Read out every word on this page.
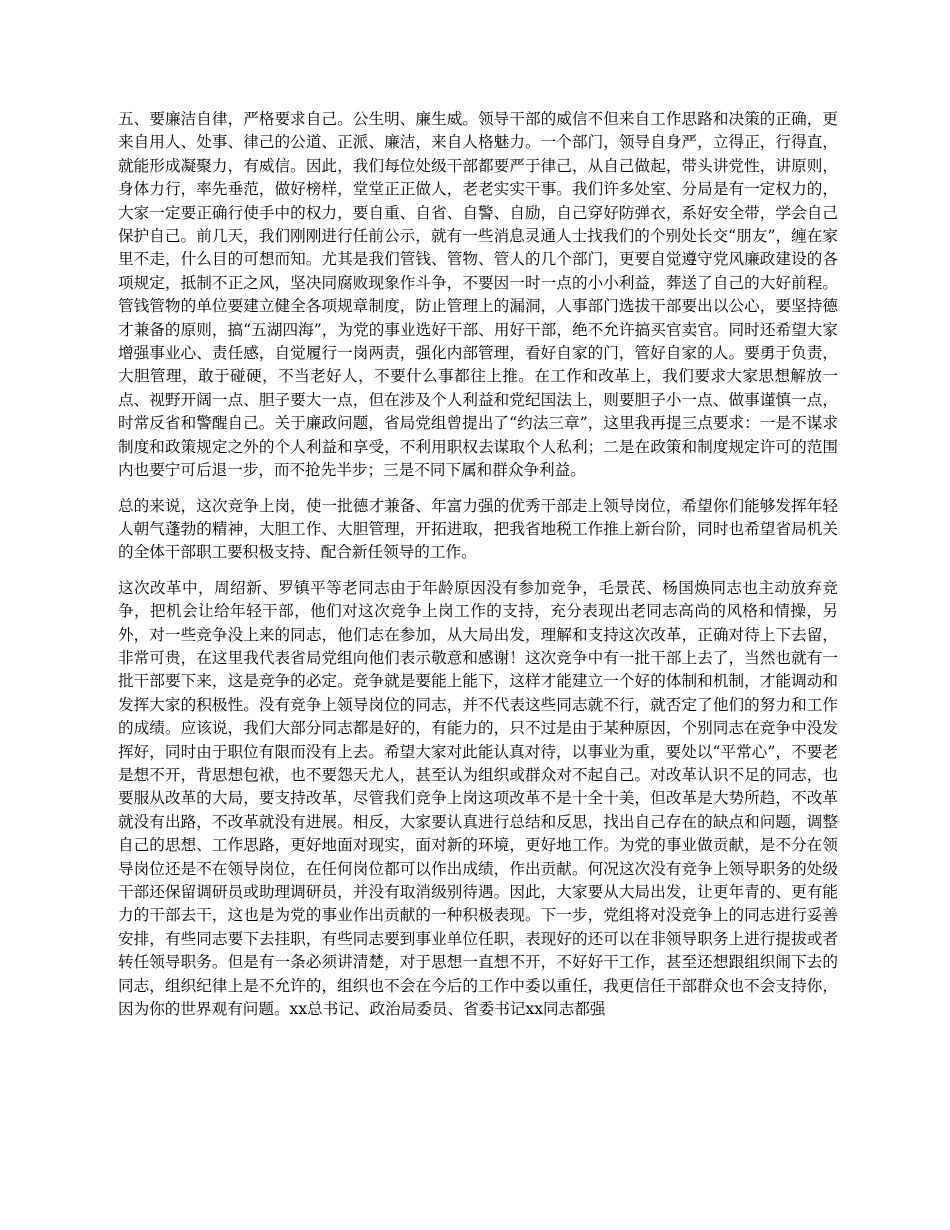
五、要廉洁自律，严格要求自己。公生明、廉生威。领导干部的威信不但来自工作思路和决策的正确，更来自用人、处事、律己的公道、正派、廉洁，来自人格魅力。一个部门，领导自身严，立得正，行得直，就能形成凝聚力，有威信。因此，我们每位处级干部都要严于律己，从自己做起，带头讲党性，讲原则，身体力行，率先垂范，做好榜样，堂堂正正做人，老老实实干事。我们许多处室、分局是有一定权力的，大家一定要正确行使手中的权力，要自重、自省、自警、自励，自己穿好防弹衣，系好安全带，学会自己保护自己。前几天，我们刚刚进行任前公示，就有一些消息灵通人士找我们的个别处长交“朋友”，缠在家里不走，什么目的可想而知。尤其是我们管钱、管物、管人的几个部门，更要自觉遵守党风廉政建设的各项规定，抵制不正之风，坚决同腐败现象作斗争，不要因一时一点的小小利益，葬送了自己的大好前程。管钱管物的单位要建立健全各项规章制度，防止管理上的漏洞，人事部门选拔干部要出以公心，要坚持德才兼备的原则，搞“五湖四海”，为党的事业选好干部、用好干部，绝不允许搞买官卖官。同时还希望大家增强事业心、责任感，自觉履行一岗两责，强化内部管理，看好自家的门，管好自家的人。要勇于负责，大胆管理，敢于碰硬，不当老好人，不要什么事都往上推。在工作和改革上，我们要求大家思想解放一点、视野开阔一点、胆子要大一点，但在涉及个人利益和党纪国法上，则要胆子小一点、做事谨慎一点，时常反省和警醒自己。关于廉政问题，省局党组曾提出了“约法三章”，这里我再提三点要求：一是不谋求制度和政策规定之外的个人利益和享受，不利用职权去谋取个人私利；二是在政策和制度规定许可的范围内也要宁可后退一步，而不抢先半步；三是不同下属和群众争利益。

总的来说，这次竞争上岗，使一批德才兼备、年富力强的优秀干部走上领导岗位，希望你们能够发挥年轻人朝气蓬勃的精神，大胆工作、大胆管理，开拓进取，把我省地税工作推上新台阶，同时也希望省局机关的全体干部职工要积极支持、配合新任领导的工作。

这次改革中，周绍新、罗镇平等老同志由于年龄原因没有参加竞争，毛景芪、杨国焕同志也主动放弃竞争，把机会让给年轻干部，他们对这次竞争上岗工作的支持，充分表现出老同志高尚的风格和情操，另外，对一些竞争没上来的同志，他们志在参加，从大局出发，理解和支持这次改革，正确对待上下去留，非常可贵，在这里我代表省局党组向他们表示敬意和感谢！这次竞争中有一批干部上去了，当然也就有一批干部要下来，这是竞争的必定。竞争就是要能上能下，这样才能建立一个好的体制和机制，才能调动和发挥大家的积极性。没有竞争上领导岗位的同志，并不代表这些同志就不行，就否定了他们的努力和工作的成绩。应该说，我们大部分同志都是好的，有能力的，只不过是由于某种原因，个别同志在竞争中没发挥好，同时由于职位有限而没有上去。希望大家对此能认真对待，以事业为重，要处以“平常心”，不要老是想不开，背思想包袱，也不要怨天尤人，甚至认为组织或群众对不起自己。对改革认识不足的同志，也要服从改革的大局，要支持改革，尽管我们竞争上岗这项改革不是十全十美，但改革是大势所趋，不改革就没有出路，不改革就没有进展。相反，大家要认真进行总结和反思，找出自己存在的缺点和问题，调整自己的思想、工作思路，更好地面对现实，面对新的环境，更好地工作。为党的事业做贡献，是不分在领导岗位还是不在领导岗位，在任何岗位都可以作出成绩，作出贡献。何况这次没有竞争上领导职务的处级干部还保留调研员或助理调研员，并没有取消级别待遇。因此，大家要从大局出发，让更年青的、更有能力的干部去干，这也是为党的事业作出贡献的一种积极表现。下一步，党组将对没竞争上的同志进行妥善安排，有些同志要下去挂职，有些同志要到事业单位任职，表现好的还可以在非领导职务上进行提拔或者转任领导职务。但是有一条必须讲清楚，对于思想一直想不开，不好好干工作，甚至还想跟组织闹下去的同志，组织纪律上是不允许的，组织也不会在今后的工作中委以重任，我更信任干部群众也不会支持你，因为你的世界观有问题。xx总书记、政治局委员、省委书记xx同志都强
